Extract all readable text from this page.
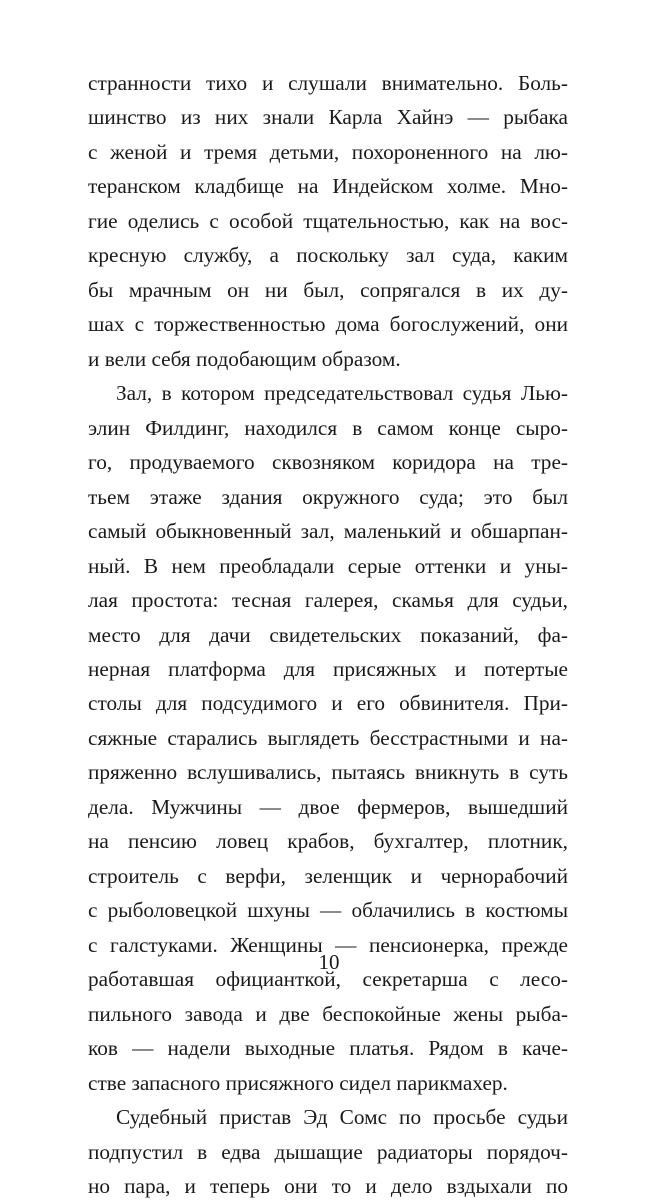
странности тихо и слушали внимательно. Боль-
шинство из них знали Карла Хайнэ — рыбака
с женой и тремя детьми, похороненного на лю-
теранском кладбище на Индейском холме. Мно-
гие оделись с особой тщательностью, как на вос-
кресную службу, а поскольку зал суда, каким
бы мрачным он ни был, сопрягался в их ду-
шах с торжественностью дома богослужений, они
и вели себя подобающим образом.
Зал, в котором председательствовал судья Лью-
элин Филдинг, находился в самом конце сыро-
го, продуваемого сквозняком коридора на тре-
тьем этаже здания окружного суда; это был
самый обыкновенный зал, маленький и обшарпан-
ный. В нем преобладали серые оттенки и уны-
лая простота: тесная галерея, скамья для судьи,
место для дачи свидетельских показаний, фа-
нерная платформа для присяжных и потертые
столы для подсудимого и его обвинителя. При-
сяжные старались выглядеть бесстрастными и на-
пряженно вслушивались, пытаясь вникнуть в суть
дела. Мужчины — двое фермеров, вышедший
на пенсию ловец крабов, бухгалтер, плотник,
строитель с верфи, зеленщик и чернорабочий
с рыболовецкой шхуны — облачились в костюмы
с галстуками. Женщины — пенсионерка, прежде
работавшая официанткой, секретарша с лесо-
пильного завода и две беспокойные жены рыба-
ков — надели выходные платья. Рядом в каче-
стве запасного присяжного сидел парикмахер.
Судебный пристав Эд Сомс по просьбе судьи
подпустил в едва дышащие радиаторы порядоч-
но пара, и теперь они то и дело вздыхали по
10
